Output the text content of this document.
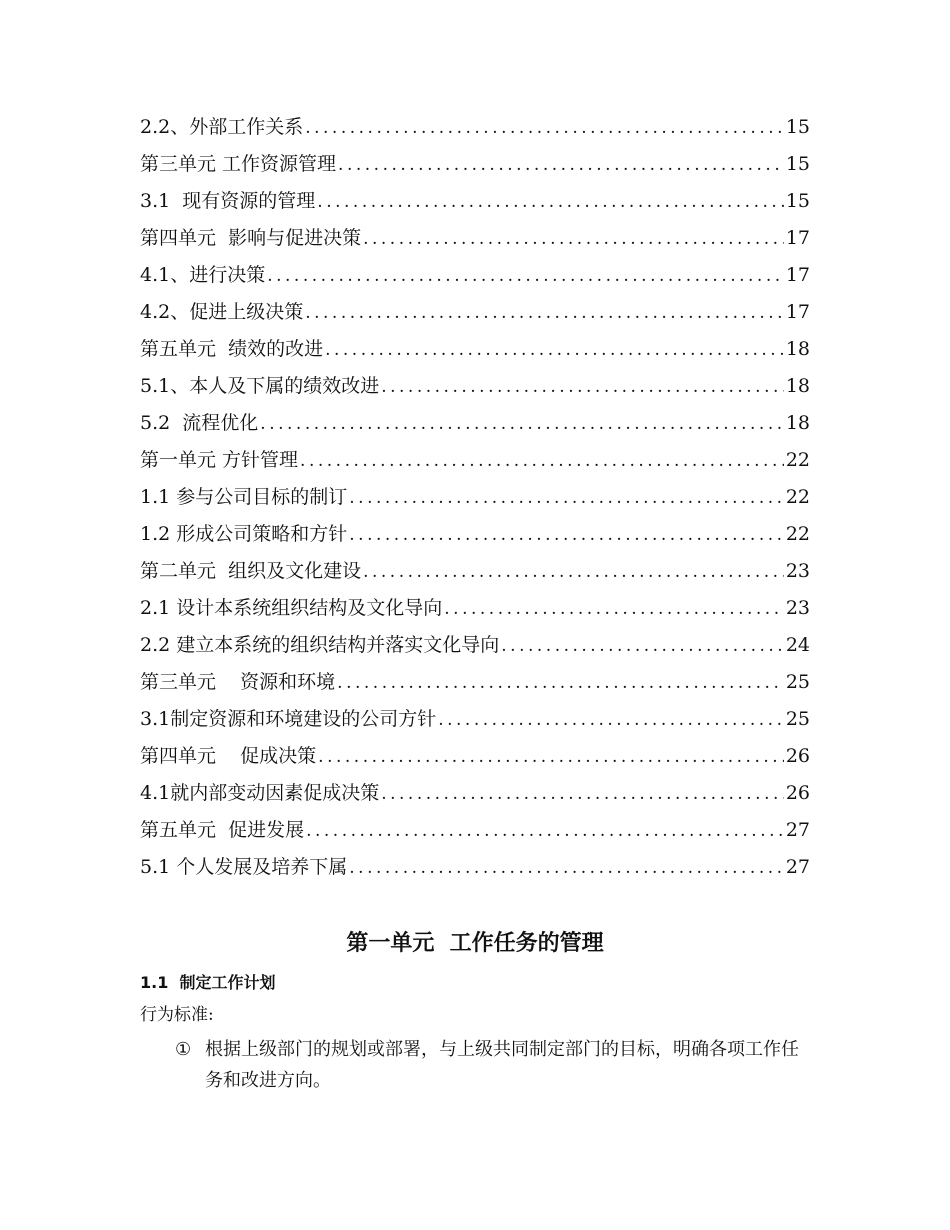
2.2、外部工作关系 .....	15
第三单元 工作资源管理 .....	15
3.1  现有资源的管理 .....	15
第四单元  影响与促进决策 .....	17
4.1、进行决策 .....	17
4.2、促进上级决策 .....	17
第五单元  绩效的改进 .....	18
5.1、本人及下属的绩效改进 .....	18
5.2  流程优化 .....	18
第一单元 方针管理 .....	22
1.1 参与公司目标的制订 .....	22
1.2 形成公司策略和方针 .....	22
第二单元  组织及文化建设 .....	23
2.1 设计本系统组织结构及文化导向 .....	23
2.2 建立本系统的组织结构并落实文化导向 .....	24
第三单元    资源和环境 .....	25
3.1制定资源和环境建设的公司方针 .....	25
第四单元    促成决策 .....	26
4.1就内部变动因素促成决策 .....	26
第五单元  促进发展 .....	27
5.1 个人发展及培养下属 .....	27
第一单元  工作任务的管理
1.1  制定工作计划
行为标准:
① 根据上级部门的规划或部署，与上级共同制定部门的目标，明确各项工作任务和改进方向。
